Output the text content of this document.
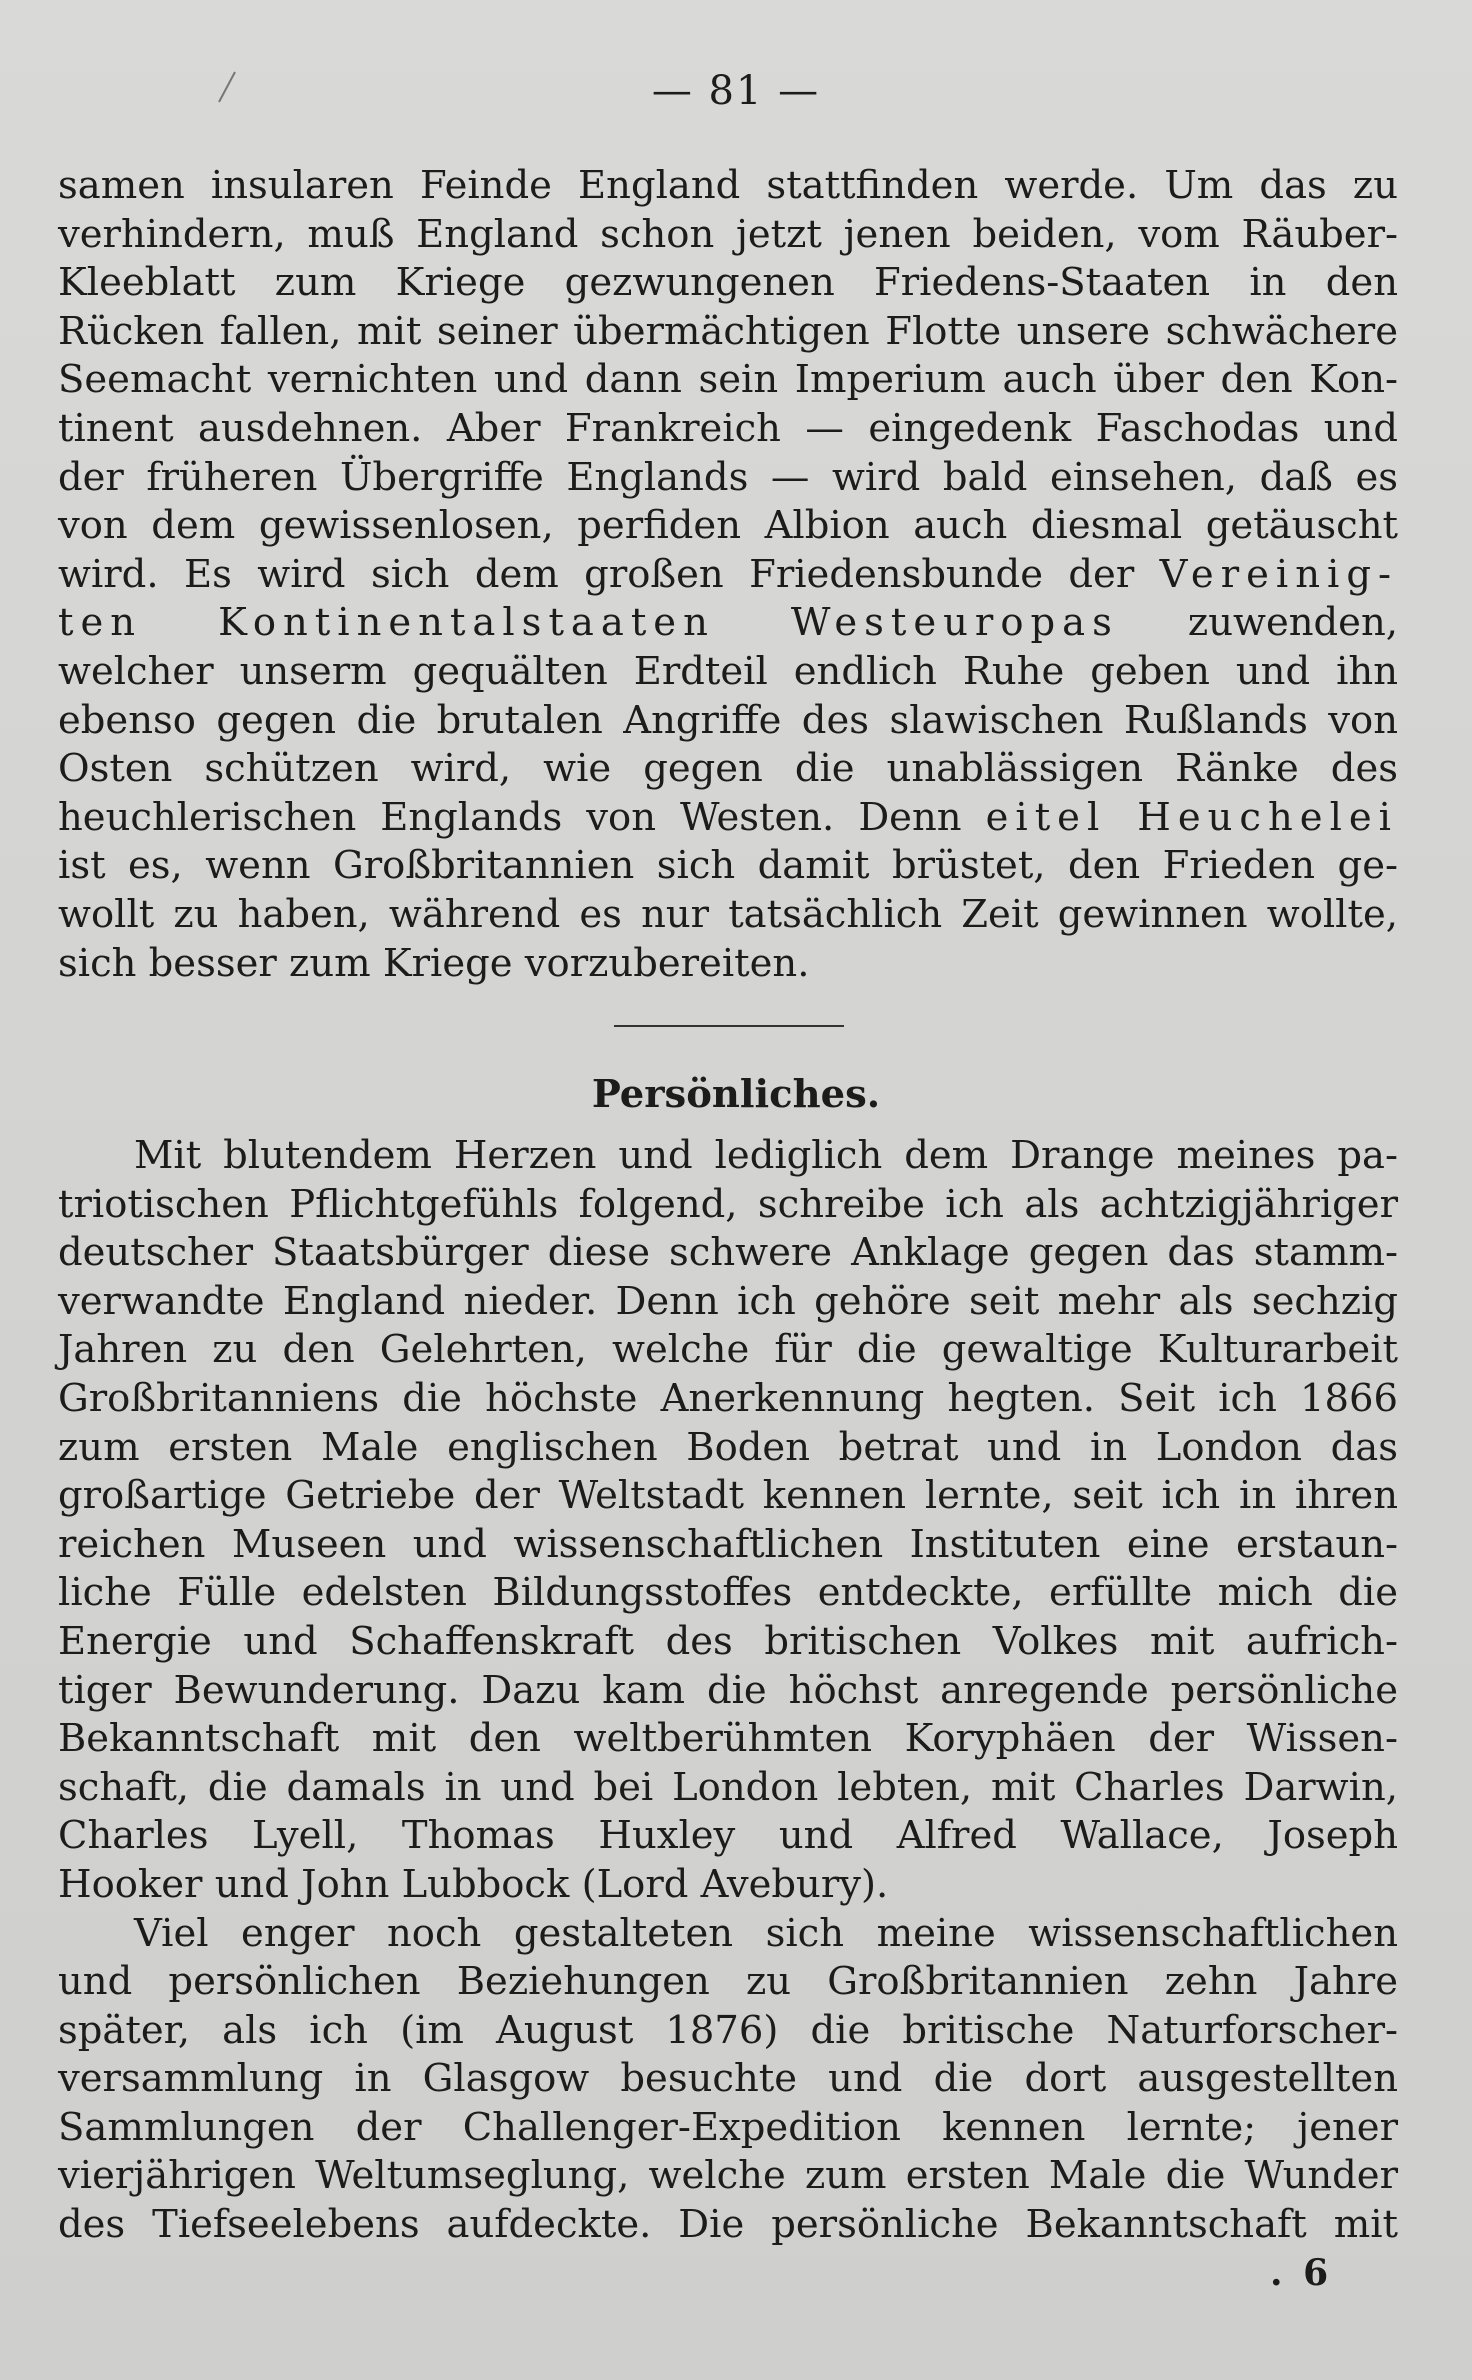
— 81 —
samen insularen Feinde England stattfinden werde. Um das zu
verhindern, muß England schon jetzt jenen beiden, vom Räuber-
Kleeblatt zum Kriege gezwungenen Friedens-Staaten in den
Rücken fallen, mit seiner übermächtigen Flotte unsere schwächere
Seemacht vernichten und dann sein Imperium auch über den Kon-
tinent ausdehnen. Aber Frankreich — eingedenk Faschodas und
der früheren Übergriffe Englands — wird bald einsehen, daß es
von dem gewissenlosen, perfiden Albion auch diesmal getäuscht
wird. Es wird sich dem großen Friedensbunde der Vereinig-
ten Kontinentalstaaten Westeuropas zuwenden,
welcher unserm gequälten Erdteil endlich Ruhe geben und ihn
ebenso gegen die brutalen Angriffe des slawischen Rußlands von
Osten schützen wird, wie gegen die unablässigen Ränke des
heuchlerischen Englands von Westen. Denn eitel Heuchelei
ist es, wenn Großbritannien sich damit brüstet, den Frieden ge-
wollt zu haben, während es nur tatsächlich Zeit gewinnen wollte,
sich besser zum Kriege vorzubereiten.
Persönliches.
Mit blutendem Herzen und lediglich dem Drange meines pa-
triotischen Pflichtgefühls folgend, schreibe ich als achtzigjähriger
deutscher Staatsbürger diese schwere Anklage gegen das stamm-
verwandte England nieder. Denn ich gehöre seit mehr als sechzig
Jahren zu den Gelehrten, welche für die gewaltige Kulturarbeit
Großbritanniens die höchste Anerkennung hegten. Seit ich 1866
zum ersten Male englischen Boden betrat und in London das
großartige Getriebe der Weltstadt kennen lernte, seit ich in ihren
reichen Museen und wissenschaftlichen Instituten eine erstaun-
liche Fülle edelsten Bildungsstoffes entdeckte, erfüllte mich die
Energie und Schaffenskraft des britischen Volkes mit aufrich-
tiger Bewunderung. Dazu kam die höchst anregende persönliche
Bekanntschaft mit den weltberühmten Koryphäen der Wissen-
schaft, die damals in und bei London lebten, mit Charles Darwin,
Charles Lyell, Thomas Huxley und Alfred Wallace, Joseph
Hooker und John Lubbock (Lord Avebury).
Viel enger noch gestalteten sich meine wissenschaftlichen
und persönlichen Beziehungen zu Großbritannien zehn Jahre
später, als ich (im August 1876) die britische Naturforscher-
versammlung in Glasgow besuchte und die dort ausgestellten
Sammlungen der Challenger-Expedition kennen lernte; jener
vierjährigen Weltumseglung, welche zum ersten Male die Wunder
des Tiefseelebens aufdeckte. Die persönliche Bekanntschaft mit
. 6
